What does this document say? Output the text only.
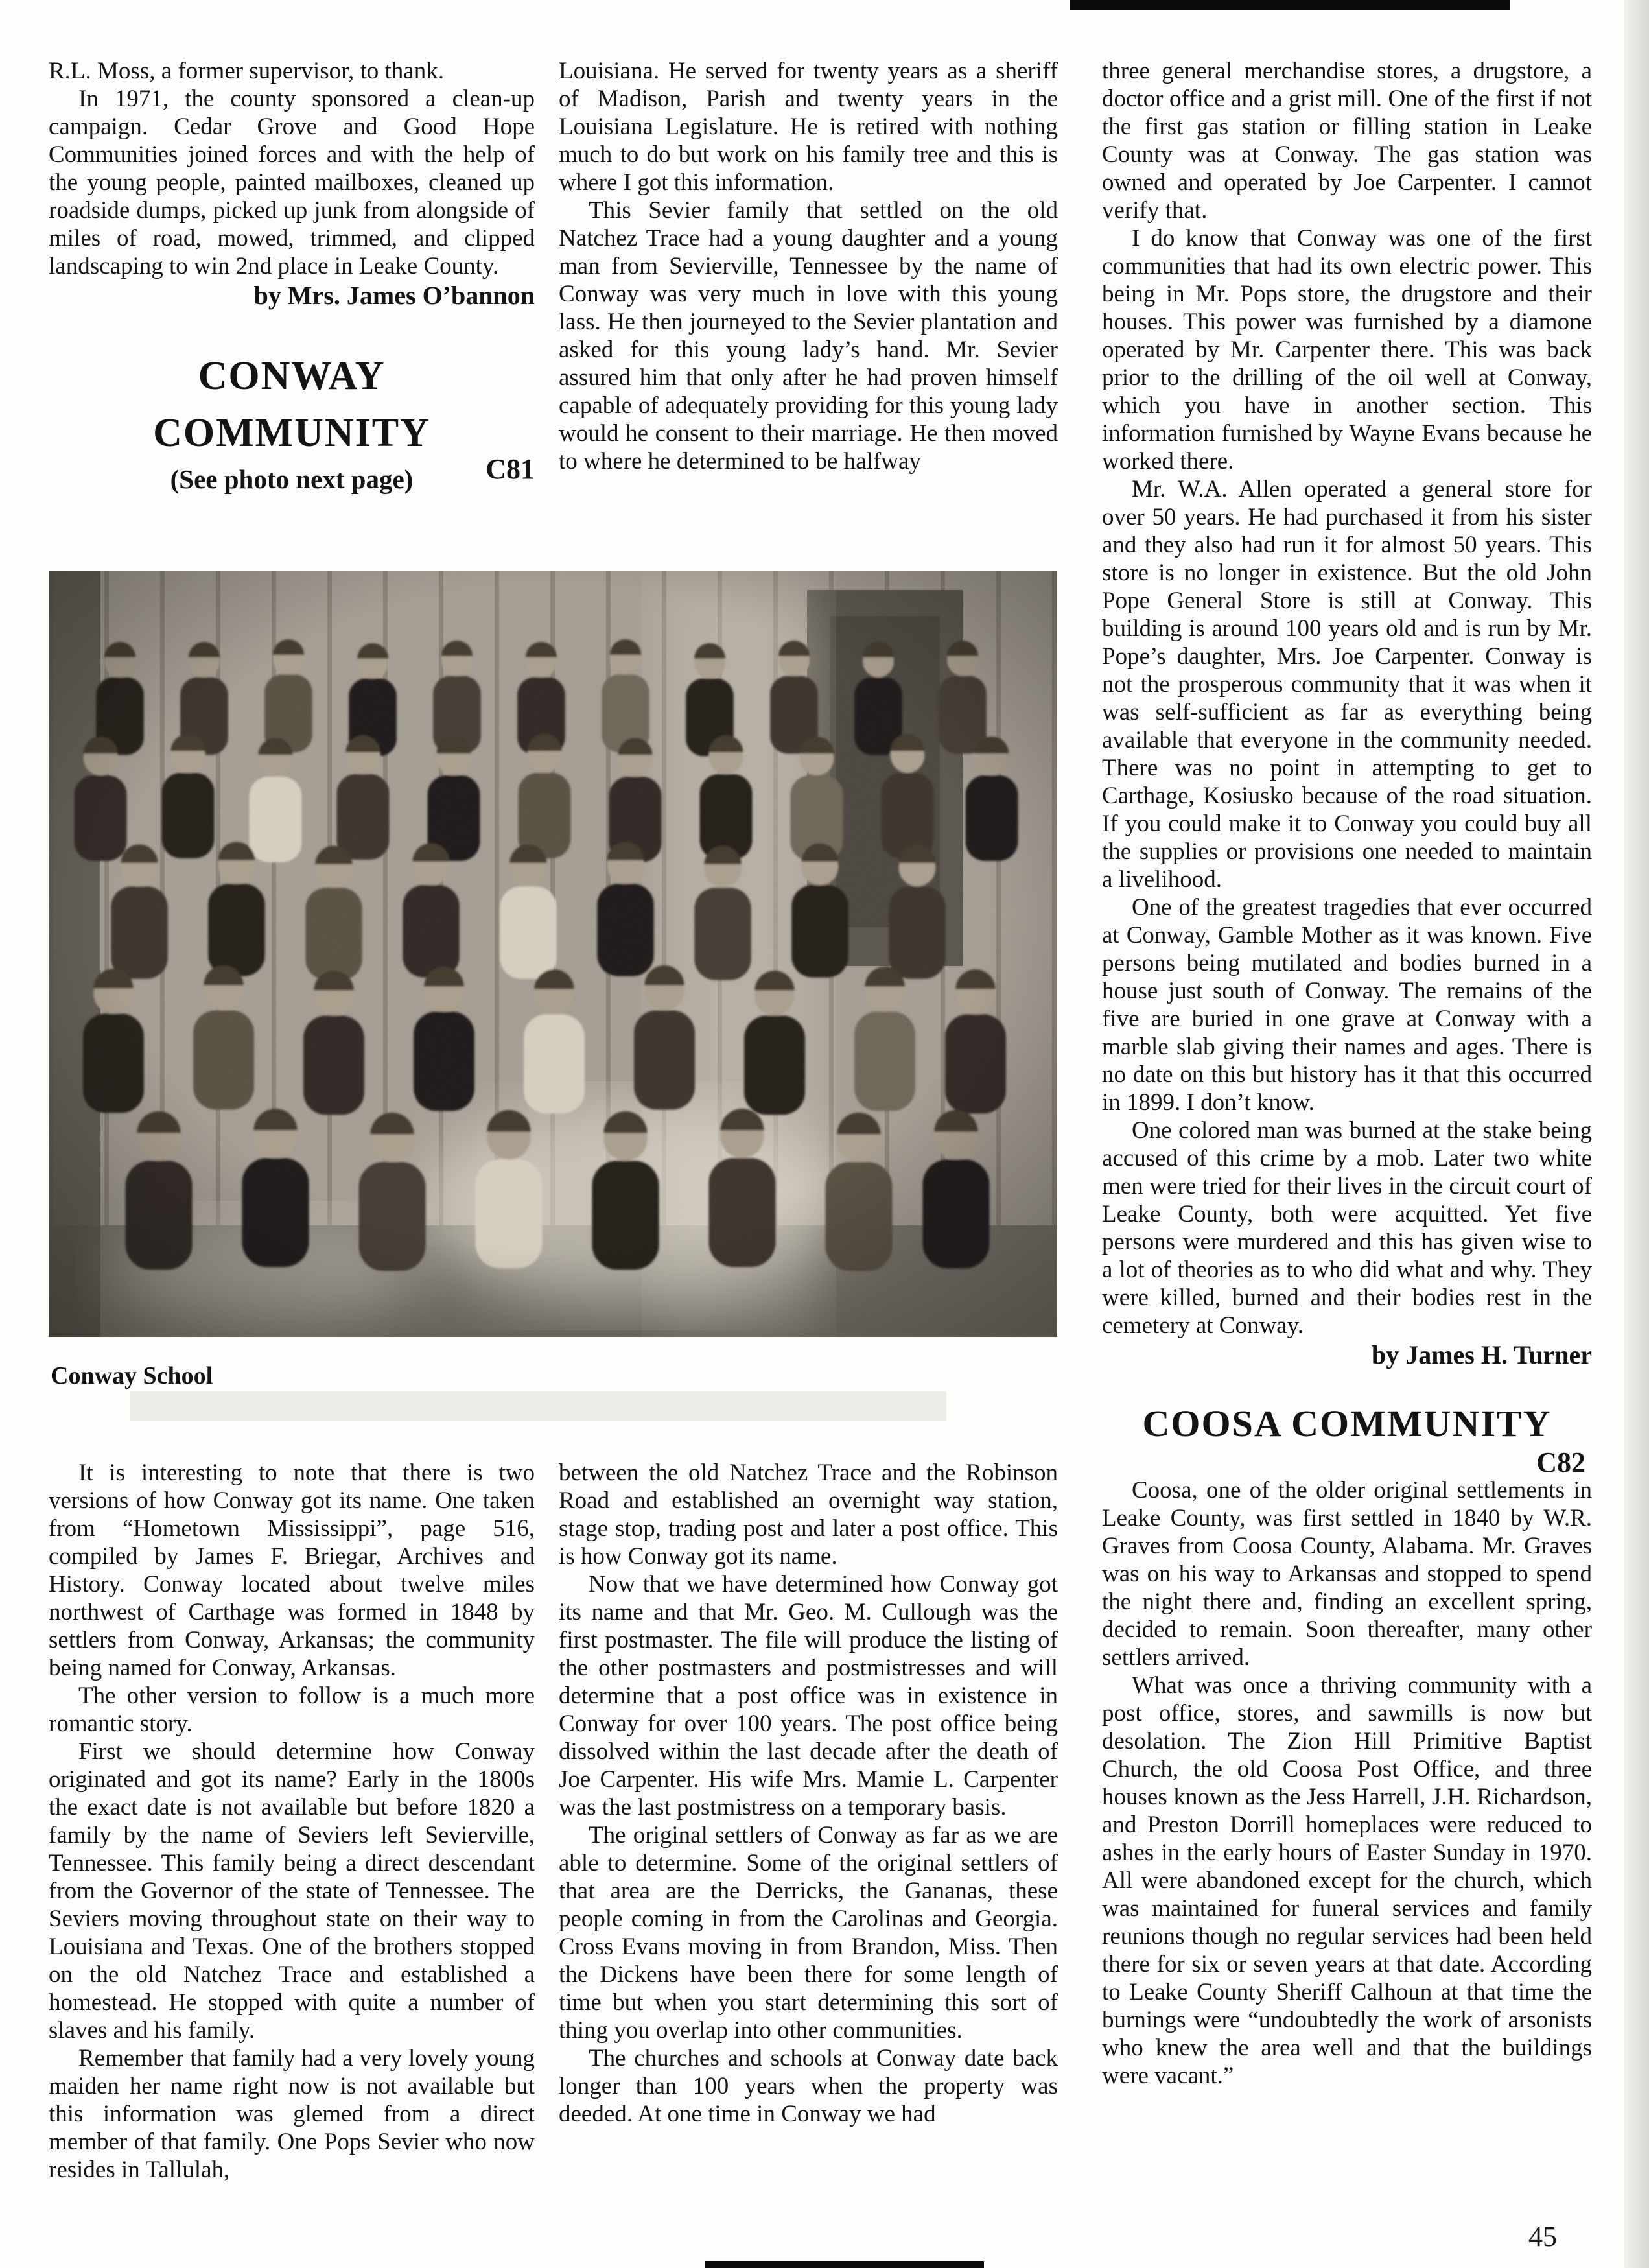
R.L. Moss, a former supervisor, to thank.

In 1971, the county sponsored a clean-up campaign. Cedar Grove and Good Hope Communities joined forces and with the help of the young people, painted mailboxes, cleaned up roadside dumps, picked up junk from alongside of miles of road, mowed, trimmed, and clipped landscaping to win 2nd place in Leake County.

by Mrs. James O’bannon

CONWAY
COMMUNITY
(See photo next page)	C81
Conway School

It is interesting to note that there is two versions of how Conway got its name. One taken from “Hometown Mississippi”, page 516, compiled by James F. Briegar, Archives and History. Conway located about twelve miles northwest of Carthage was formed in 1848 by settlers from Conway, Arkansas; the community being named for Conway, Arkansas.

The other version to follow is a much more romantic story.

First we should determine how Conway originated and got its name? Early in the 1800s the exact date is not available but before 1820 a family by the name of Seviers left Sevierville, Tennessee. This family being a direct descendant from the Governor of the state of Tennessee. The Seviers moving throughout state on their way to Louisiana and Texas. One of the brothers stopped on the old Natchez Trace and established a homestead. He stopped with quite a number of slaves and his family.

Remember that family had a very lovely young maiden her name right now is not available but this information was glemed from a direct member of that family. One Pops Sevier who now resides in Tallulah,

Louisiana. He served for twenty years as a sheriff of Madison, Parish and twenty years in the Louisiana Legislature. He is retired with nothing much to do but work on his family tree and this is where I got this information.

This Sevier family that settled on the old Natchez Trace had a young daughter and a young man from Sevierville, Tennessee by the name of Conway was very much in love with this young lass. He then journeyed to the Sevier plantation and asked for this young lady’s hand. Mr. Sevier assured him that only after he had proven himself capable of adequately providing for this young lady would he consent to their marriage. He then moved to where he determined to be halfway

between the old Natchez Trace and the Robinson Road and established an overnight way station, stage stop, trading post and later a post office. This is how Conway got its name.

Now that we have determined how Conway got its name and that Mr. Geo. M. Cullough was the first postmaster. The file will produce the listing of the other postmasters and postmistresses and will determine that a post office was in existence in Conway for over 100 years. The post office being dissolved within the last decade after the death of Joe Carpenter. His wife Mrs. Mamie L. Carpenter was the last postmistress on a temporary basis.

The original settlers of Conway as far as we are able to determine. Some of the original settlers of that area are the Derricks, the Gananas, these people coming in from the Carolinas and Georgia. Cross Evans moving in from Brandon, Miss. Then the Dickens have been there for some length of time but when you start determining this sort of thing you overlap into other communities.

The churches and schools at Conway date back longer than 100 years when the property was deeded. At one time in Conway we had

three general merchandise stores, a drugstore, a doctor office and a grist mill. One of the first if not the first gas station or filling station in Leake County was at Conway. The gas station was owned and operated by Joe Carpenter. I cannot verify that.

I do know that Conway was one of the first communities that had its own electric power. This being in Mr. Pops store, the drugstore and their houses. This power was furnished by a diamone operated by Mr. Carpenter there. This was back prior to the drilling of the oil well at Conway, which you have in another section. This information furnished by Wayne Evans because he worked there.

Mr. W.A. Allen operated a general store for over 50 years. He had purchased it from his sister and they also had run it for almost 50 years. This store is no longer in existence. But the old John Pope General Store is still at Conway. This building is around 100 years old and is run by Mr. Pope’s daughter, Mrs. Joe Carpenter. Conway is not the prosperous community that it was when it was self-sufficient as far as everything being available that everyone in the community needed. There was no point in attempting to get to Carthage, Kosiusko because of the road situation. If you could make it to Conway you could buy all the supplies or provisions one needed to maintain a livelihood.

One of the greatest tragedies that ever occurred at Conway, Gamble Mother as it was known. Five persons being mutilated and bodies burned in a house just south of Conway. The remains of the five are buried in one grave at Conway with a marble slab giving their names and ages. There is no date on this but history has it that this occurred in 1899. I don’t know.

One colored man was burned at the stake being accused of this crime by a mob. Later two white men were tried for their lives in the circuit court of Leake County, both were acquitted. Yet five persons were murdered and this has given wise to a lot of theories as to who did what and why. They were killed, burned and their bodies rest in the cemetery at Conway.

by James H. Turner

COOSA COMMUNITY
C82

Coosa, one of the older original settlements in Leake County, was first settled in 1840 by W.R. Graves from Coosa County, Alabama. Mr. Graves was on his way to Arkansas and stopped to spend the night there and, finding an excellent spring, decided to remain. Soon thereafter, many other settlers arrived.

What was once a thriving community with a post office, stores, and sawmills is now but desolation. The Zion Hill Primitive Baptist Church, the old Coosa Post Office, and three houses known as the Jess Harrell, J.H. Richardson, and Preston Dorrill homeplaces were reduced to ashes in the early hours of Easter Sunday in 1970. All were abandoned except for the church, which was maintained for funeral services and family reunions though no regular services had been held there for six or seven years at that date. According to Leake County Sheriff Calhoun at that time the burnings were “undoubtedly the work of arsonists who knew the area well and that the buildings were vacant.”

45
